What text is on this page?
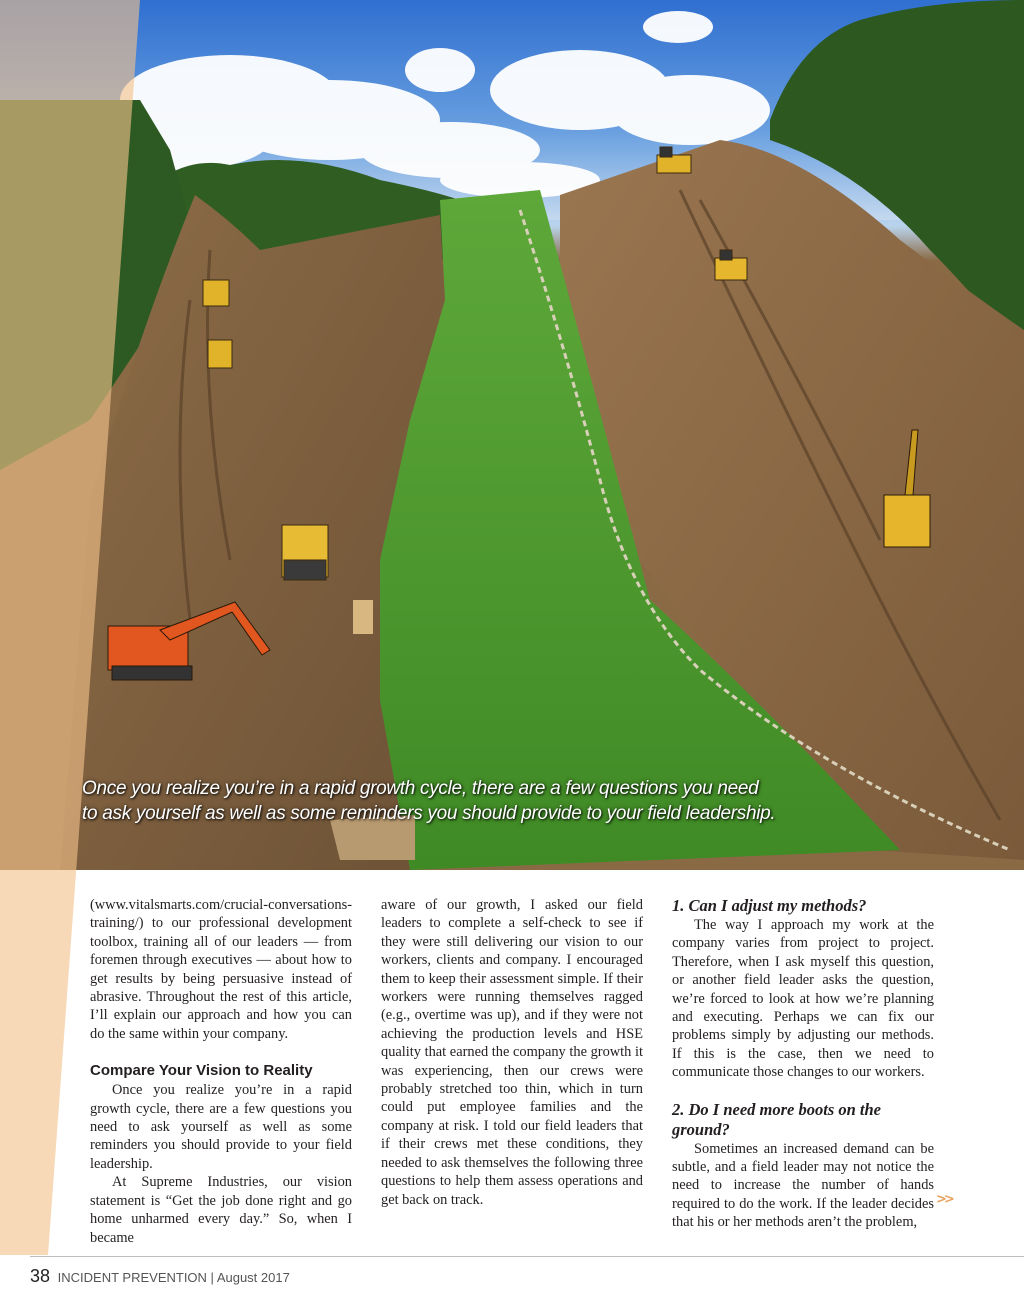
Once you realize you’re in a rapid growth cycle, there are a few questions you need
to ask yourself as well as some reminders you should provide to your field leadership.

(www.vitalsmarts.com/crucial-conversations-training/) to our professional development toolbox, training all of our leaders — from foremen through executives — about how to get results by being persuasive instead of abrasive. Throughout the rest of this article, I’ll explain our approach and how you can do the same within your company.

Compare Your Vision to Reality

Once you realize you’re in a rapid growth cycle, there are a few questions you need to ask yourself as well as some reminders you should provide to your field leadership.

At Supreme Industries, our vision statement is “Get the job done right and go home unharmed every day.” So, when I became

aware of our growth, I asked our field leaders to complete a self-check to see if they were still delivering our vision to our workers, clients and company. I encouraged them to keep their assessment simple. If their workers were running themselves ragged (e.g., overtime was up), and if they were not achieving the production levels and HSE quality that earned the company the growth it was experiencing, then our crews were probably stretched too thin, which in turn could put employee families and the company at risk. I told our field leaders that if their crews met these conditions, they needed to ask themselves the following three questions to help them assess operations and get back on track.

1. Can I adjust my methods?

The way I approach my work at the company varies from project to project. Therefore, when I ask myself this question, or another field leader asks the question, we’re forced to look at how we’re planning and executing. Perhaps we can fix our problems simply by adjusting our methods. If this is the case, then we need to communicate those changes to our workers.

2. Do I need more boots on the ground?

Sometimes an increased demand can be subtle, and a field leader may not notice the need to increase the number of hands required to do the work. If the leader decides that his or her methods aren’t the problem,

>>
38 INCIDENT PREVENTION | August 2017
